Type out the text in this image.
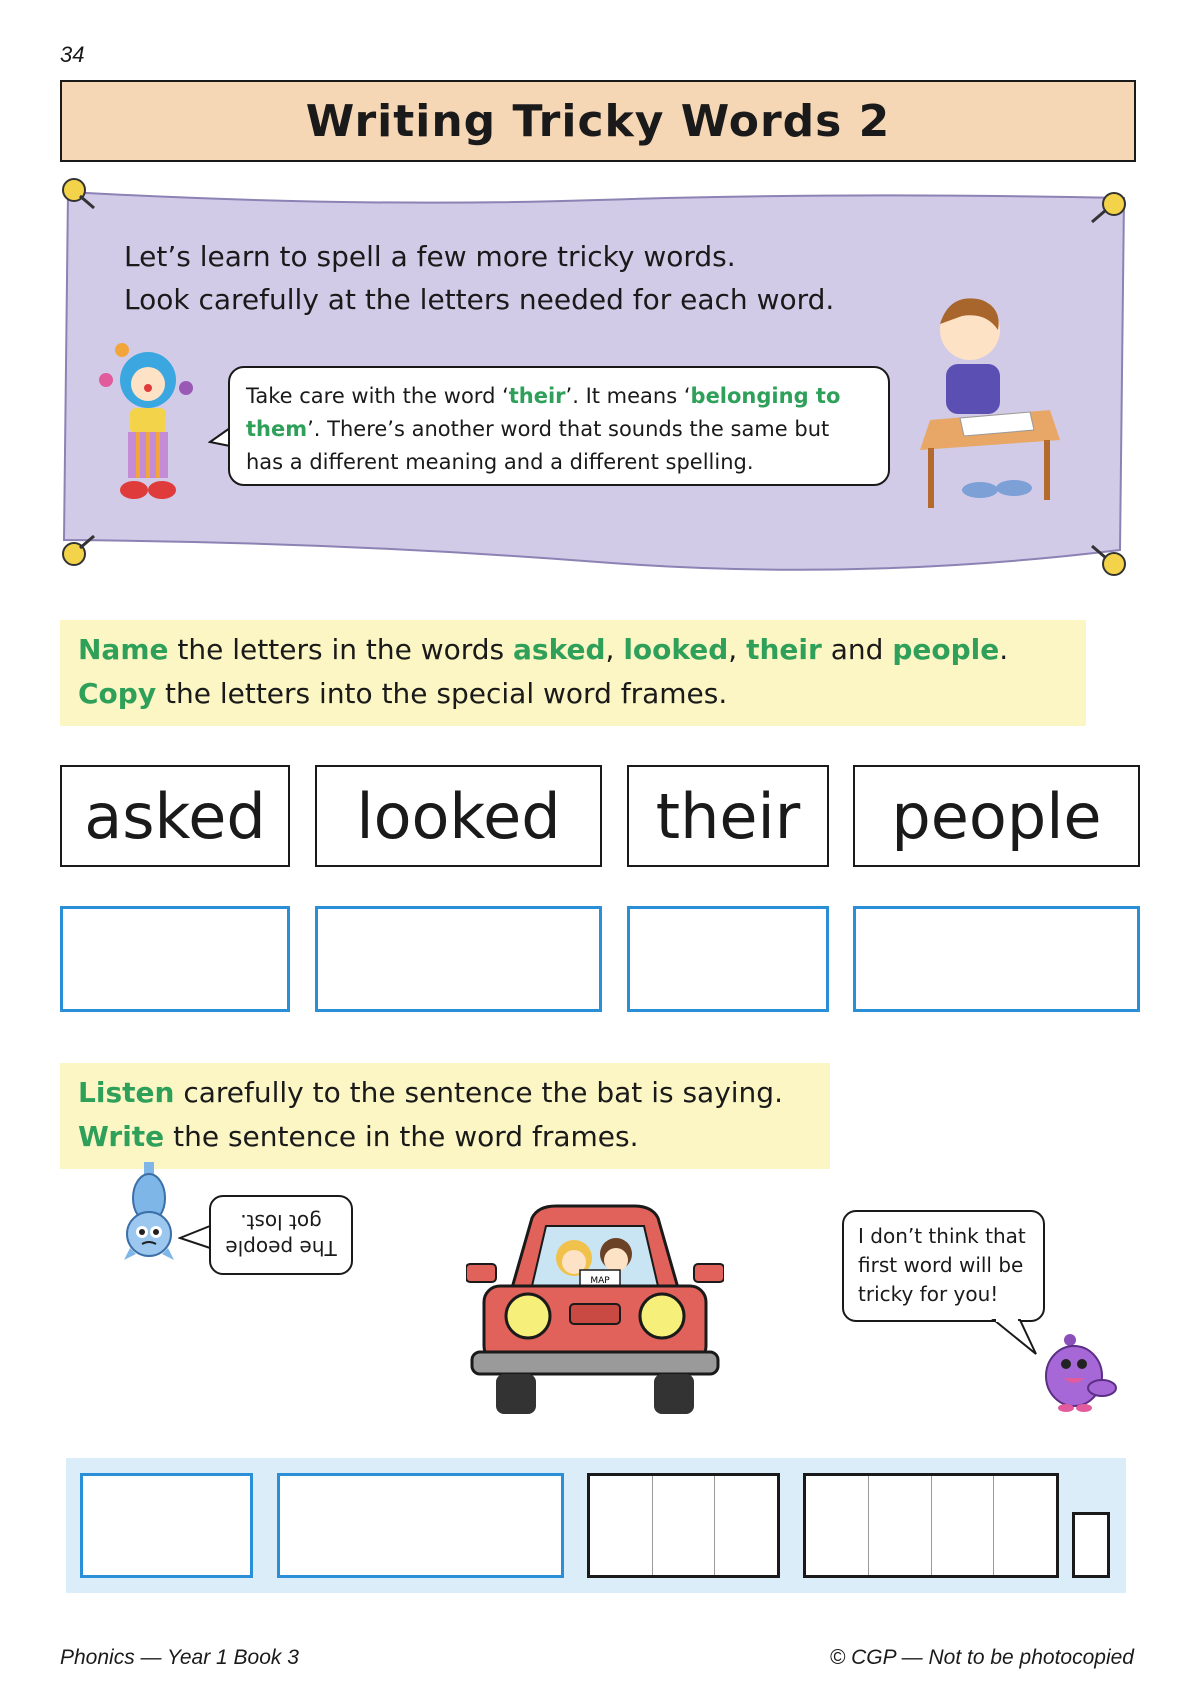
34
Writing Tricky Words 2
Let’s learn to spell a few more tricky words.
Look carefully at the letters needed for each word.
Take care with the word ‘their’. It means ‘belonging to them’. There’s another word that sounds the same but has a different meaning and a different spelling.
Name the letters in the words asked, looked, their and people.
Copy the letters into the special word frames.
asked	looked	their	people
Listen carefully to the sentence the bat is saying.
Write the sentence in the word frames.
The people
got lost.
MAP
I don’t think that
first word will be
tricky for you!
Phonics — Year 1 Book 3	© CGP — Not to be photocopied
